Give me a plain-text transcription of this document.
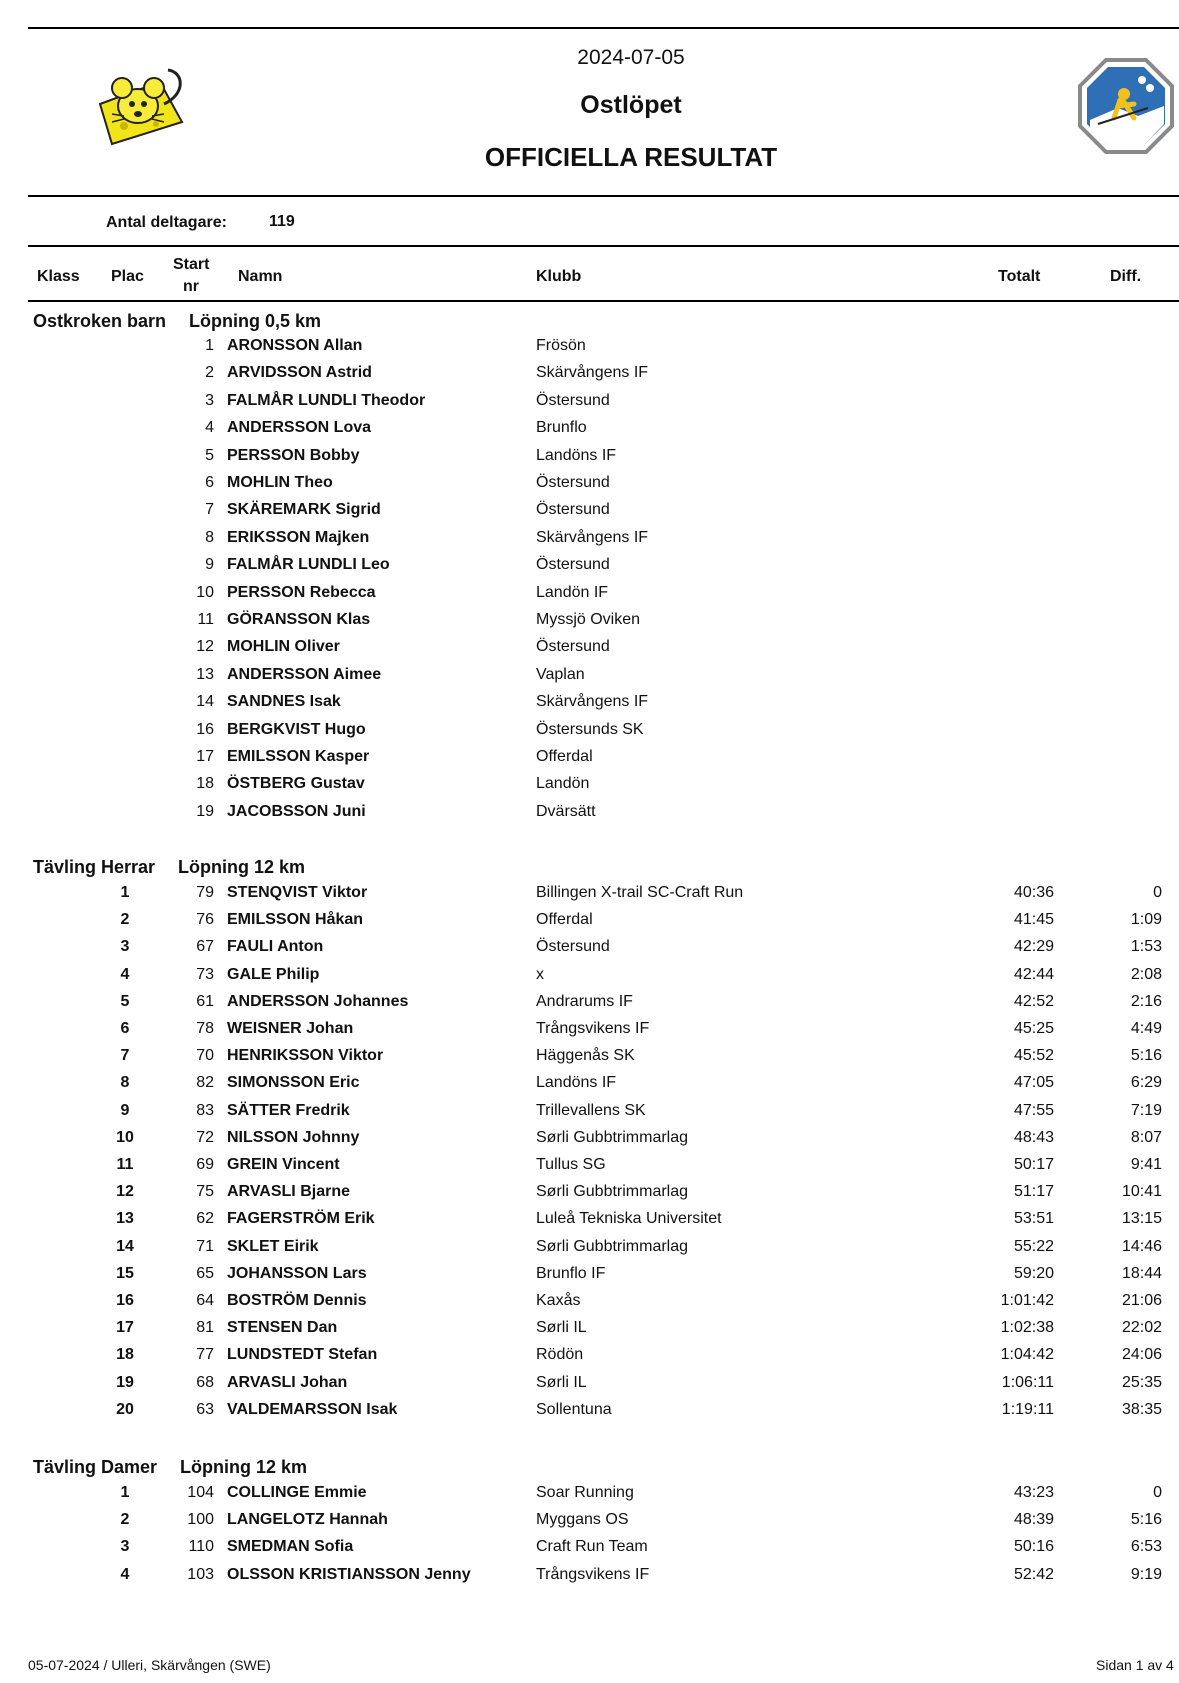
2024-07-05
Ostlöpet
OFFICIELLA RESULTAT
Antal deltagare:	119
Klass Plac
Start
nr
Namn	Klubb	Totalt	Diff.
Ostkroken barn Löpning 0,5 km
Tävling Herrar Löpning 12 km
Tävling Damer Löpning 12 km
1 ARONSSON Allan	Frösön
2 ARVIDSSON Astrid	Skärvångens IF
3 FALMÅR LUNDLI Theodor	Östersund
4 ANDERSSON Lova	Brunflo
5 PERSSON Bobby	Landöns IF
6 MOHLIN Theo	Östersund
7 SKÄREMARK Sigrid	Östersund
8 ERIKSSON Majken	Skärvångens IF
9 FALMÅR LUNDLI Leo	Östersund
10 PERSSON Rebecca	Landön IF
11 GÖRANSSON Klas	Myssjö Oviken
12 MOHLIN Oliver	Östersund
13 ANDERSSON Aimee	Vaplan
14 SANDNES Isak	Skärvångens IF
16 BERGKVIST Hugo	Östersunds SK
17 EMILSSON Kasper	Offerdal
18 ÖSTBERG Gustav	Landön
19 JACOBSSON Juni	Dvärsätt
1	79 STENQVIST Viktor	Billingen X-trail SC-Craft Run	40:36	0
2	76 EMILSSON Håkan	Offerdal	41:45	1:09
3	67 FAULI Anton	Östersund	42:29	1:53
4	73 GALE Philip	x	42:44	2:08
5	61 ANDERSSON Johannes	Andrarums IF	42:52	2:16
6	78 WEISNER Johan	Trångsvikens IF	45:25	4:49
7	70 HENRIKSSON Viktor	Häggenås SK	45:52	5:16
8	82 SIMONSSON Eric	Landöns IF	47:05	6:29
9	83 SÄTTER Fredrik	Trillevallens SK	47:55	7:19
10	72 NILSSON Johnny	Sørli Gubbtrimmarlag	48:43	8:07
11	69 GREIN Vincent	Tullus SG	50:17	9:41
12	75 ARVASLI Bjarne	Sørli Gubbtrimmarlag	51:17	10:41
13	62 FAGERSTRÖM Erik	Luleå Tekniska Universitet	53:51	13:15
14	71 SKLET Eirik	Sørli Gubbtrimmarlag	55:22	14:46
15	65 JOHANSSON Lars	Brunflo IF	59:20	18:44
16	64 BOSTRÖM Dennis	Kaxås	1:01:42	21:06
17	81 STENSEN Dan	Sørli IL	1:02:38	22:02
18	77 LUNDSTEDT Stefan	Rödön	1:04:42	24:06
19	68 ARVASLI Johan	Sørli IL	1:06:11	25:35
20	63 VALDEMARSSON Isak	Sollentuna	1:19:11	38:35
1	104 COLLINGE Emmie	Soar Running	43:23	0
2	100 LANGELOTZ Hannah	Myggans OS	48:39	5:16
3	110 SMEDMAN Sofia	Craft Run Team	50:16	6:53
4	103 OLSSON KRISTIANSSON Jenny	Trångsvikens IF	52:42	9:19
05-07-2024 / Ulleri, Skärvången (SWE)	Sidan 1 av 4
